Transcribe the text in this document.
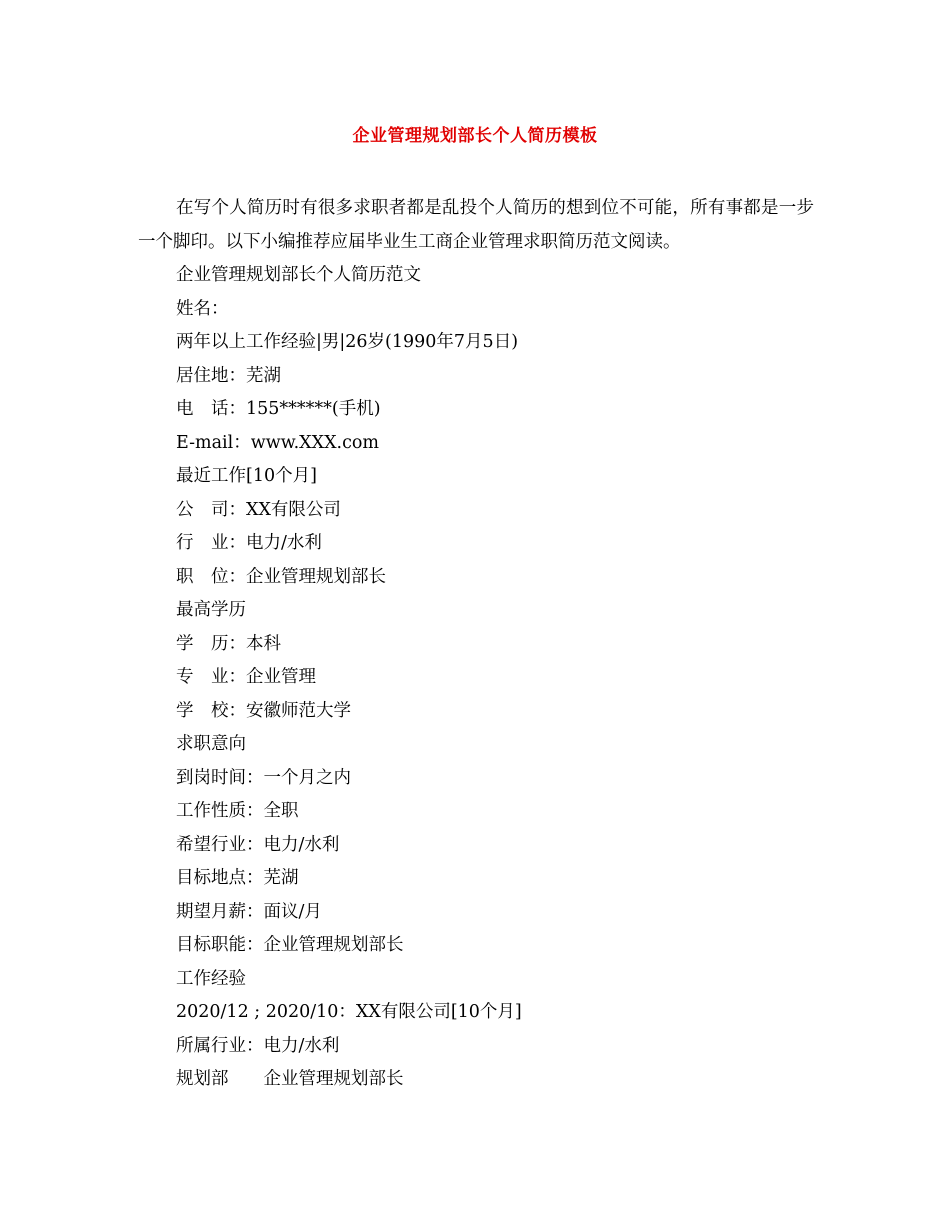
企业管理规划部长个人简历模板

在写个人简历时有很多求职者都是乱投个人简历的想到位不可能，所有事都是一步一个脚印。以下小编推荐应届毕业生工商企业管理求职简历范文阅读。

企业管理规划部长个人简历范文
姓名：
两年以上工作经验|男|26岁(1990年7月5日)
居住地：芜湖
电　话：155******(手机)
E-mail：www.XXX.com
最近工作[10个月]
公　司：XX有限公司
行　业：电力/水利
职　位：企业管理规划部长
最高学历
学　历：本科
专　业：企业管理
学　校：安徽师范大学
求职意向
到岗时间：一个月之内
工作性质：全职
希望行业：电力/水利
目标地点：芜湖
期望月薪：面议/月
目标职能：企业管理规划部长
工作经验
2020/12 ; 2020/10：XX有限公司[10个月]
所属行业：电力/水利
规划部　　企业管理规划部长
